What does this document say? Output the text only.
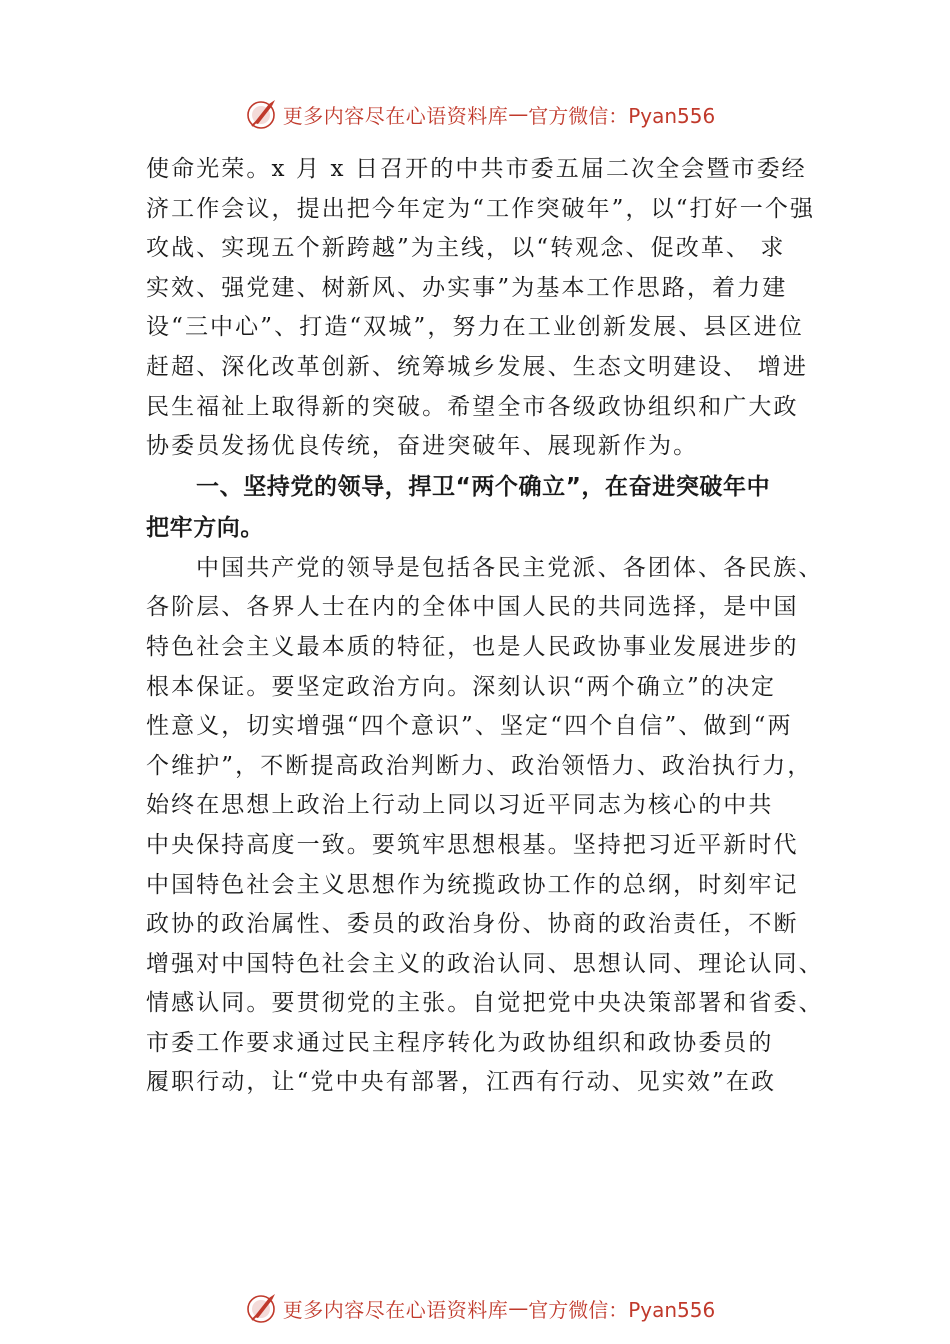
更多内容尽在心语资料库 — 官方微信：Pyan556
使命光荣。x 月 x 日召开的中共市委五届二次全会暨市委经
济工作会议，提出把今年定为“工作突破年”，以“打好一个强
攻战、实现五个新跨越”为主线，以“转观念、促改革、 求
实效、强党建、树新风、办实事”为基本工作思路，着力建
设“三中心”、打造“双城”，努力在工业创新发展、县区进位
赶超、深化改革创新、统筹城乡发展、生态文明建设、 增进
民生福祉上取得新的突破。希望全市各级政协组织和广大政
协委员发扬优良传统，奋进突破年、展现新作为。
一、坚持党的领导，捍卫“两个确立”，在奋进突破年中
把牢方向。
中国共产党的领导是包括各民主党派、各团体、各民族、
各阶层、各界人士在内的全体中国人民的共同选择，是中国
特色社会主义最本质的特征，也是人民政协事业发展进步的
根本保证。要坚定政治方向。深刻认识“两个确立”的决定
性意义，切实增强“四个意识”、坚定“四个自信”、做到“两
个维护”，不断提高政治判断力、政治领悟力、政治执行力，
始终在思想上政治上行动上同以习近平同志为核心的中共
中央保持高度一致。要筑牢思想根基。坚持把习近平新时代
中国特色社会主义思想作为统揽政协工作的总纲，时刻牢记
政协的政治属性、委员的政治身份、协商的政治责任，不断
增强对中国特色社会主义的政治认同、思想认同、理论认同、
情感认同。要贯彻党的主张。自觉把党中央决策部署和省委、
市委工作要求通过民主程序转化为政协组织和政协委员的
履职行动，让“党中央有部署，江西有行动、见实效”在政
更多内容尽在心语资料库 — 官方微信：Pyan556
